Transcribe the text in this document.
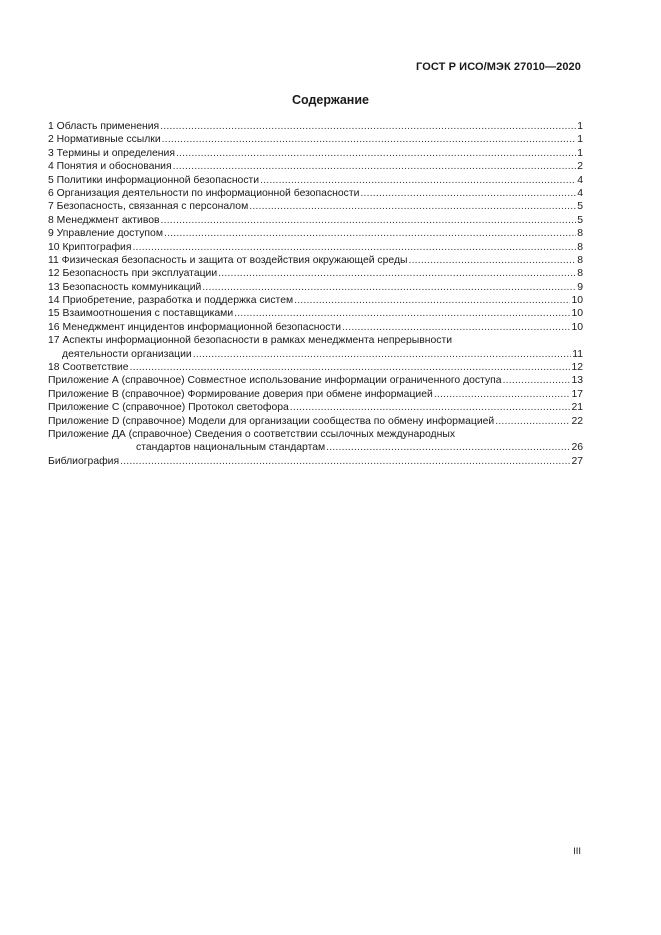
ГОСТ Р ИСО/МЭК 27010—2020
Содержание
1 Область применения .....	1
2 Нормативные ссылки .....	1
3 Термины и определения .....	1
4 Понятия и обоснования .....	2
5 Политики информационной безопасности .....	4
6 Организация деятельности по информационной безопасности .....	4
7 Безопасность, связанная с персоналом .....	5
8 Менеджмент активов .....	5
9 Управление доступом .....	8
10 Криптография .....	8
11 Физическая безопасность и защита от воздействия окружающей среды .....	8
12 Безопасность при эксплуатации .....	8
13 Безопасность коммуникаций .....	9
14 Приобретение, разработка и поддержка систем .....	10
15 Взаимоотношения с поставщиками .....	10
16 Менеджмент инцидентов информационной безопасности .....	10
17 Аспекты информационной безопасности в рамках менеджмента непрерывности
деятельности организации .....	11
18 Соответствие .....	12
Приложение А (справочное) Совместное использование информации ограниченного доступа .....	13
Приложение В (справочное) Формирование доверия при обмене информацией .....	17
Приложение С (справочное) Протокол светофора .....	21
Приложение D (справочное) Модели для организации сообщества по обмену информацией .....	22
Приложение ДА (справочное) Сведения о соответствии ссылочных международных
стандартов национальным стандартам .....	26
Библиография .....	27
III
